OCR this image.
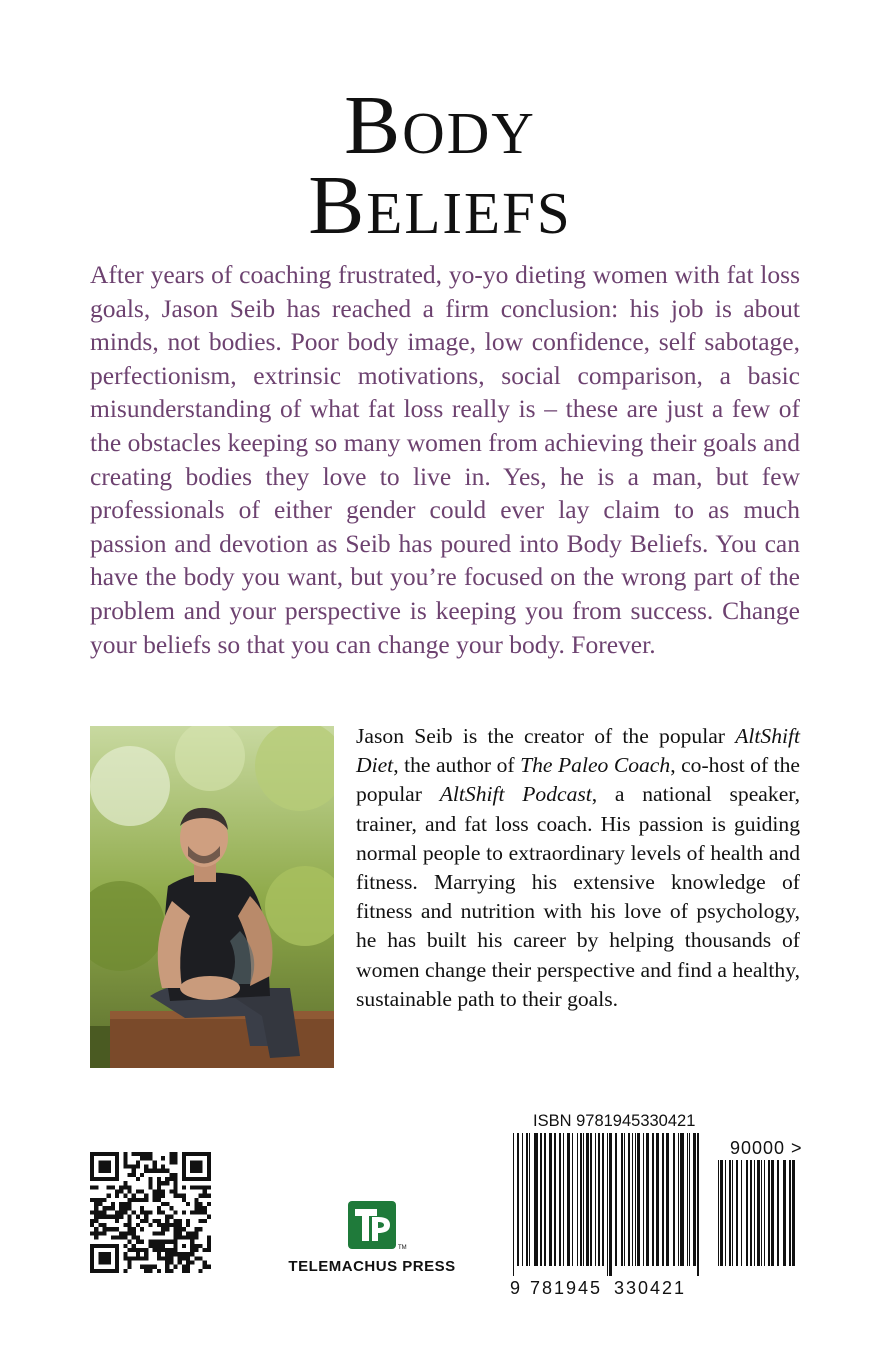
Body
Beliefs

After years of coaching frustrated, yo-yo dieting women with fat loss goals, Jason Seib has reached a firm conclusion: his job is about minds, not bodies. Poor body image, low confidence, self sabotage, perfectionism, extrinsic motivations, social comparison, a basic misunderstanding of what fat loss really is – these are just a few of the obstacles keeping so many women from achieving their goals and creating bodies they love to live in. Yes, he is a man, but few professionals of either gender could ever lay claim to as much passion and devotion as Seib has poured into Body Beliefs. You can have the body you want, but you’re focused on the wrong part of the problem and your perspective is keeping you from success. Change your beliefs so that you can change your body. Forever.

Jason Seib is the creator of the popular AltShift Diet, the author of The Paleo Coach, co-host of the popular AltShift Podcast, a national speaker, trainer, and fat loss coach. His passion is guiding normal people to extraordinary levels of health and fitness. Marrying his extensive knowledge of fitness and nutrition with his love of psychology, he has built his career by helping thousands of women change their perspective and find a healthy, sustainable path to their goals.

TM
TELEMACHUS PRESS
ISBN 9781945330421
90000 >
9 781945 330421
